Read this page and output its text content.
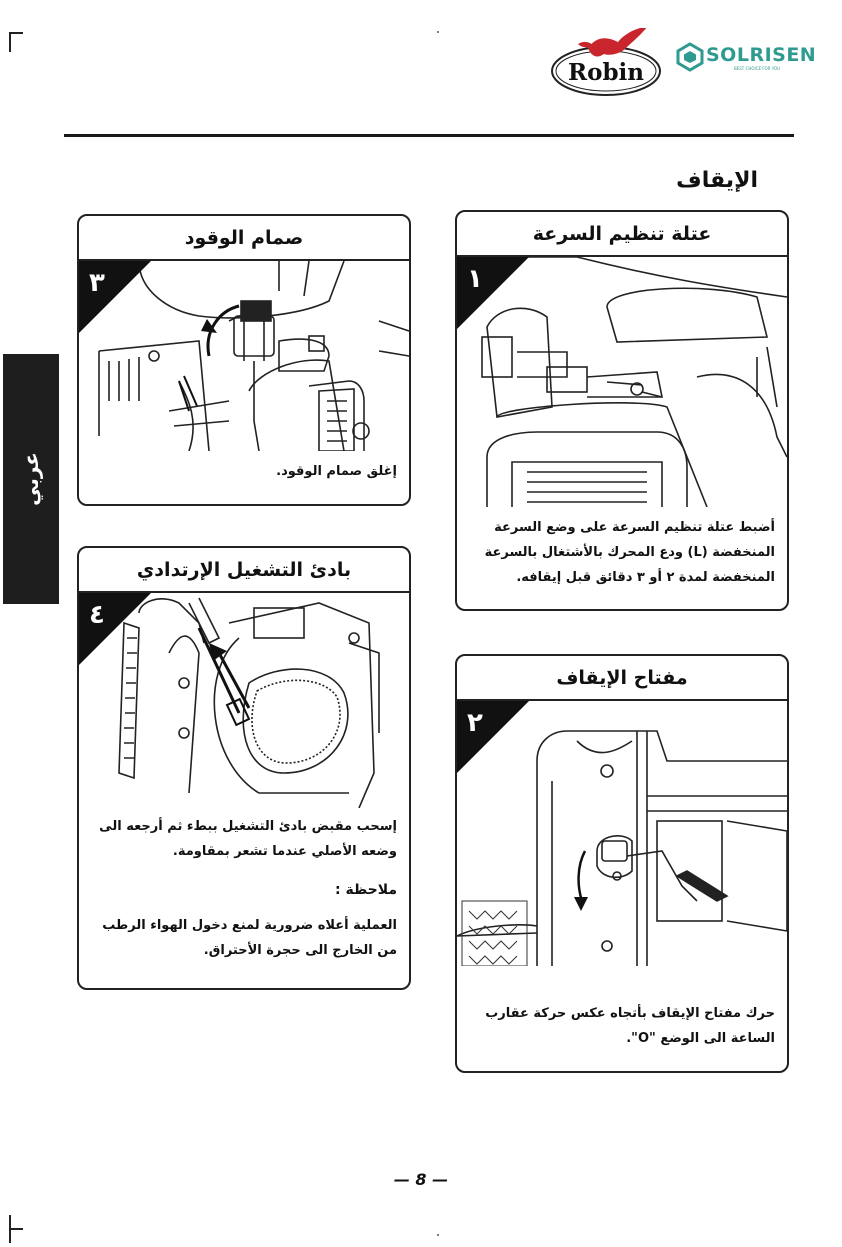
Robin
SOLRISEN
BEST CHOICE FOR YOU
الإيقاف
عربي
عتلة تنظيم السرعة
١
أضبط عتلة تنظيم السرعة على وضع السرعة المنخفضة (L) ودع المحرك بالأشتغال بالسرعة المنخفضة لمدة ٢ أو ٣ دقائق قبل إيقافه.
مفتاح الإيقاف
٢
حرك مفتاح الإيقاف بأتجاه عكس حركة عقارب الساعة الى الوضع "O".
صمام الوقود
٣
إغلق صمام الوقود.
بادئ التشغيل الإرتدادي
٤
إسحب مقبض بادئ التشغيل ببطء ثم أرجعه الى وضعه الأصلي عندما تشعر بمقاومة.
ملاحظة :
العملية أعلاه ضرورية لمنع دخول الهواء الرطب من الخارج الى حجرة الأحتراق.
— 8 —
